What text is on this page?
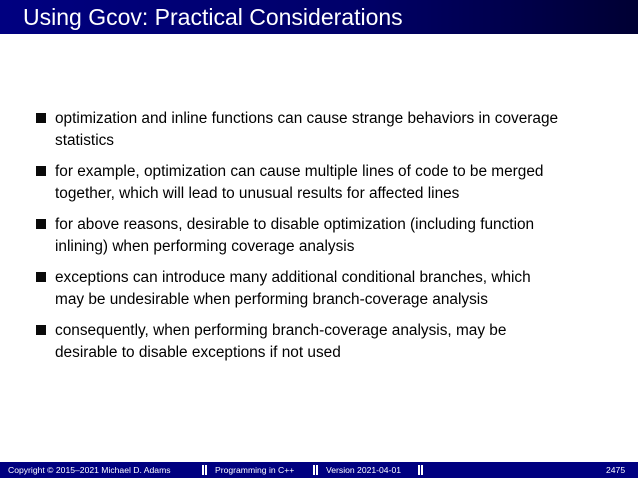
Using Gcov: Practical Considerations
optimization and inline functions can cause strange behaviors in coverage
statistics
for example, optimization can cause multiple lines of code to be merged
together, which will lead to unusual results for affected lines
for above reasons, desirable to disable optimization (including function
inlining) when performing coverage analysis
exceptions can introduce many additional conditional branches, which
may be undesirable when performing branch-coverage analysis
consequently, when performing branch-coverage analysis, may be
desirable to disable exceptions if not used
Copyright © 2015–2021 Michael D. Adams	Programming in C++	Version 2021-04-01	2475
